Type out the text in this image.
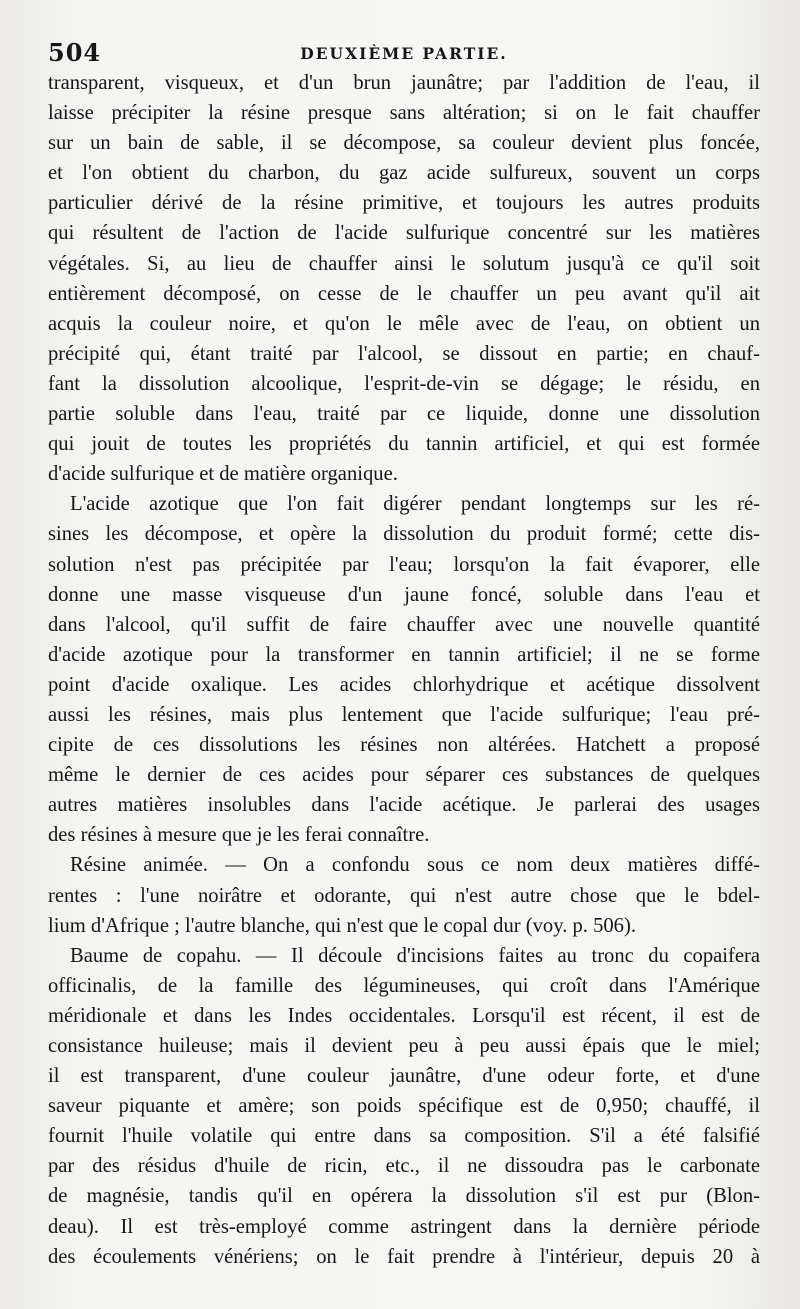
504	DEUXIÈME PARTIE.
transparent, visqueux, et d'un brun jaunâtre; par l'addition de l'eau, il
laisse précipiter la résine presque sans altération; si on le fait chauffer
sur un bain de sable, il se décompose, sa couleur devient plus foncée,
et l'on obtient du charbon, du gaz acide sulfureux, souvent un corps
particulier dérivé de la résine primitive, et toujours les autres produits
qui résultent de l'action de l'acide sulfurique concentré sur les matières
végétales. Si, au lieu de chauffer ainsi le solutum jusqu'à ce qu'il soit
entièrement décomposé, on cesse de le chauffer un peu avant qu'il ait
acquis la couleur noire, et qu'on le mêle avec de l'eau, on obtient un
précipité qui, étant traité par l'alcool, se dissout en partie; en chauf-
fant la dissolution alcoolique, l'esprit-de-vin se dégage; le résidu, en
partie soluble dans l'eau, traité par ce liquide, donne une dissolution
qui jouit de toutes les propriétés du tannin artificiel, et qui est formée
d'acide sulfurique et de matière organique.
L'acide azotique que l'on fait digérer pendant longtemps sur les ré-
sines les décompose, et opère la dissolution du produit formé; cette dis-
solution n'est pas précipitée par l'eau; lorsqu'on la fait évaporer, elle
donne une masse visqueuse d'un jaune foncé, soluble dans l'eau et
dans l'alcool, qu'il suffit de faire chauffer avec une nouvelle quantité
d'acide azotique pour la transformer en tannin artificiel; il ne se forme
point d'acide oxalique. Les acides chlorhydrique et acétique dissolvent
aussi les résines, mais plus lentement que l'acide sulfurique; l'eau pré-
cipite de ces dissolutions les résines non altérées. Hatchett a proposé
même le dernier de ces acides pour séparer ces substances de quelques
autres matières insolubles dans l'acide acétique. Je parlerai des usages
des résines à mesure que je les ferai connaître.
Résine animée. — On a confondu sous ce nom deux matières diffé-
rentes : l'une noirâtre et odorante, qui n'est autre chose que le bdel-
lium d'Afrique ; l'autre blanche, qui n'est que le copal dur (voy. p. 506).
Baume de copahu. — Il découle d'incisions faites au tronc du copaifera
officinalis, de la famille des légumineuses, qui croît dans l'Amérique
méridionale et dans les Indes occidentales. Lorsqu'il est récent, il est de
consistance huileuse; mais il devient peu à peu aussi épais que le miel;
il est transparent, d'une couleur jaunâtre, d'une odeur forte, et d'une
saveur piquante et amère; son poids spécifique est de 0,950; chauffé, il
fournit l'huile volatile qui entre dans sa composition. S'il a été falsifié
par des résidus d'huile de ricin, etc., il ne dissoudra pas le carbonate
de magnésie, tandis qu'il en opérera la dissolution s'il est pur (Blon-
deau). Il est très-employé comme astringent dans la dernière période
des écoulements vénériens; on le fait prendre à l'intérieur, depuis 20 à
